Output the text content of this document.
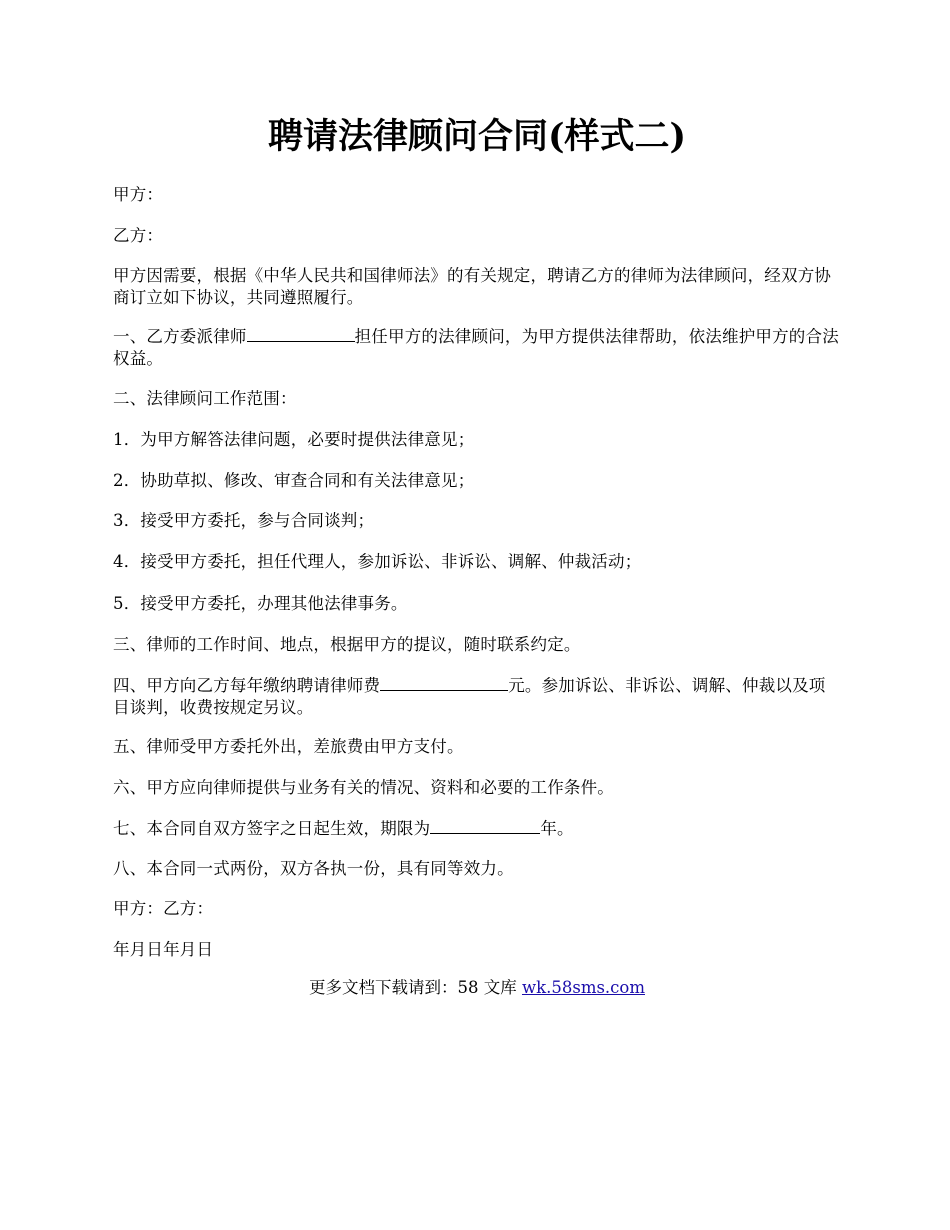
聘请法律顾问合同(样式二)

甲方：

乙方：

甲方因需要，根据《中华人民共和国律师法》的有关规定，聘请乙方的律师为法律顾问，经双方协商订立如下协议，共同遵照履行。

一、乙方委派律师	担任甲方的法律顾问，为甲方提供法律帮助，依法维护甲方的合法权益。

二、法律顾问工作范围：

1．为甲方解答法律问题，必要时提供法律意见；

2．协助草拟、修改、审查合同和有关法律意见；

3．接受甲方委托，参与合同谈判；

4．接受甲方委托，担任代理人，参加诉讼、非诉讼、调解、仲裁活动；

5．接受甲方委托，办理其他法律事务。

三、律师的工作时间、地点，根据甲方的提议，随时联系约定。

四、甲方向乙方每年缴纳聘请律师费	元。参加诉讼、非诉讼、调解、仲裁以及项目谈判，收费按规定另议。

五、律师受甲方委托外出，差旅费由甲方支付。

六、甲方应向律师提供与业务有关的情况、资料和必要的工作条件。

七、本合同自双方签字之日起生效，期限为	年。

八、本合同一式两份，双方各执一份，具有同等效力。

甲方：乙方：

年月日年月日

更多文档下载请到：58 文库 wk.58sms.com
